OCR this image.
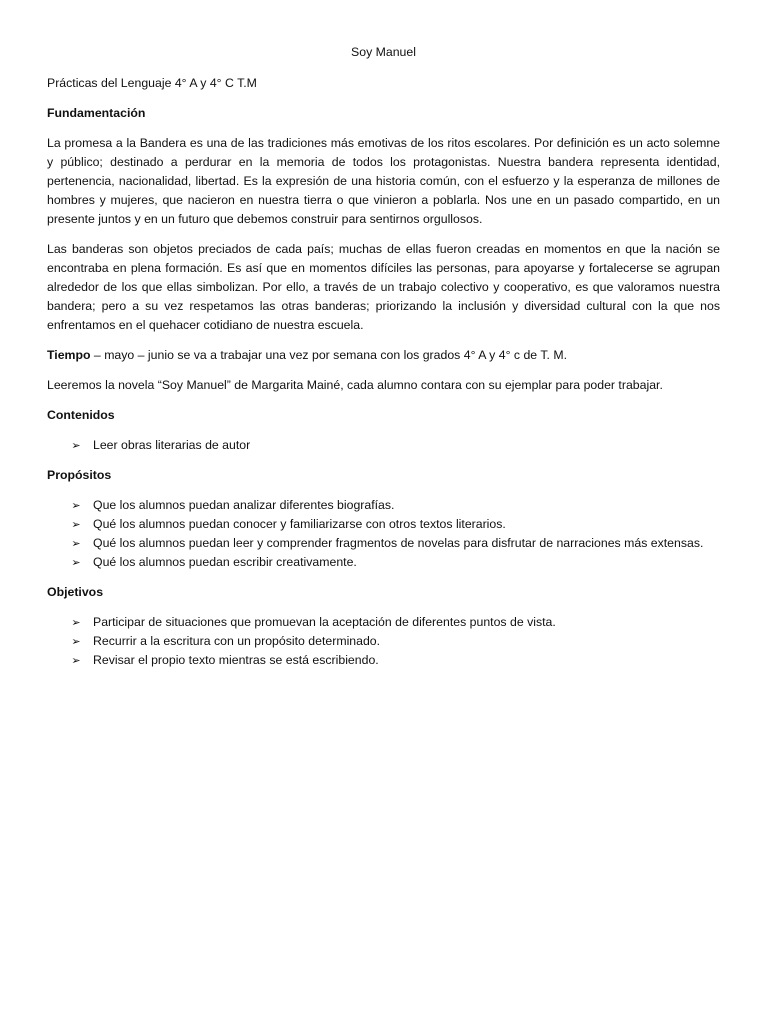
Soy Manuel
Prácticas del Lenguaje 4° A y 4° C T.M
Fundamentación
La promesa a la Bandera es una de las tradiciones más emotivas de los ritos escolares. Por definición es un acto solemne y público; destinado a perdurar en la memoria de todos los protagonistas. Nuestra bandera representa identidad, pertenencia, nacionalidad, libertad. Es la expresión de una historia común, con el esfuerzo y la esperanza de millones de hombres y mujeres, que nacieron en nuestra tierra o que vinieron a poblarla. Nos une en un pasado compartido, en un presente juntos y en un futuro que debemos construir para sentirnos orgullosos.
Las banderas son objetos preciados de cada país; muchas de ellas fueron creadas en momentos en que la nación se encontraba en plena formación. Es así que en momentos difíciles las personas, para apoyarse y fortalecerse se agrupan alrededor de los que ellas simbolizan. Por ello, a través de un trabajo colectivo y cooperativo, es que valoramos nuestra bandera; pero a su vez respetamos las otras banderas; priorizando la inclusión y diversidad cultural con la que nos enfrentamos en el quehacer cotidiano de nuestra escuela.
Tiempo – mayo – junio se va a trabajar una vez por semana con los grados 4° A y 4° c de T. M.
Leeremos la novela “Soy Manuel” de Margarita Mainé, cada alumno contara con su ejemplar para poder trabajar.
Contenidos
➢ Leer obras literarias de autor
Propósitos
➢ Que los alumnos puedan analizar diferentes biografías.
➢ Qué los alumnos puedan conocer y familiarizarse con otros textos literarios.
➢ Qué los alumnos puedan leer y comprender fragmentos de novelas para disfrutar de narraciones más extensas.
➢ Qué los alumnos puedan escribir creativamente.
Objetivos
➢ Participar de situaciones que promuevan la aceptación de diferentes puntos de vista.
➢ Recurrir a la escritura con un propósito determinado.
➢ Revisar el propio texto mientras se está escribiendo.
